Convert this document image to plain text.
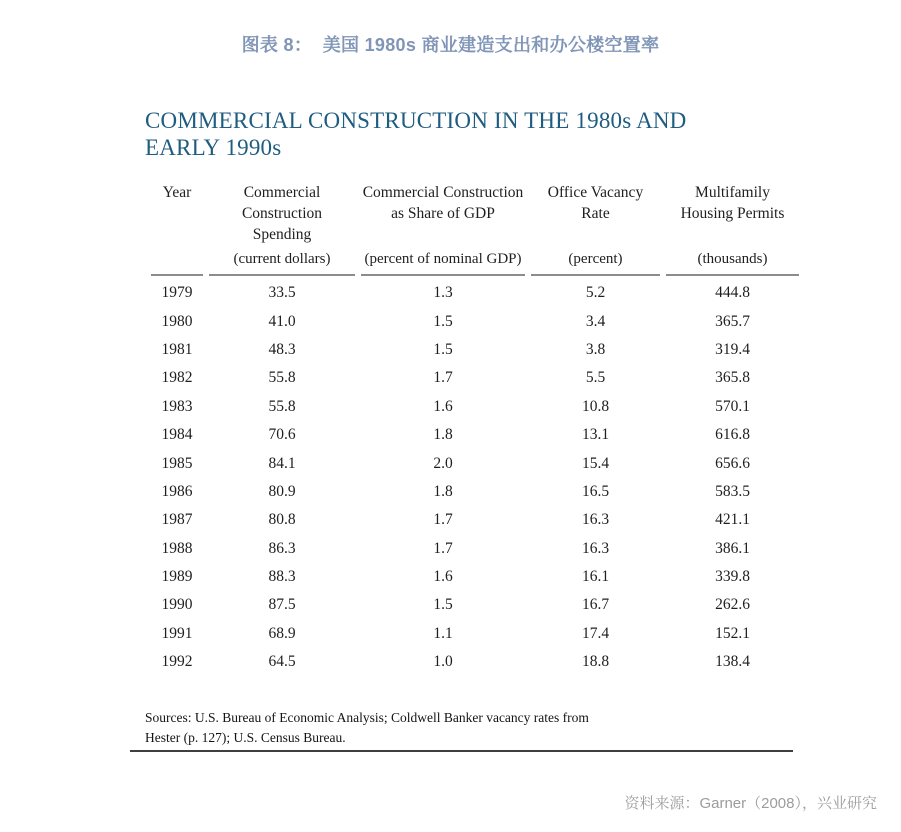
图表 8：  美国 1980s 商业建造支出和办公楼空置率
COMMERCIAL CONSTRUCTION IN THE 1980s AND
EARLY 1990s
Year	Commercial Construction Spending	Commercial Construction as Share of GDP	Office Vacancy Rate	Multifamily Housing Permits
	(current dollars)	(percent of nominal GDP)	(percent)	(thousands)
1979	33.5	1.3	5.2	444.8
1980	41.0	1.5	3.4	365.7
1981	48.3	1.5	3.8	319.4
1982	55.8	1.7	5.5	365.8
1983	55.8	1.6	10.8	570.1
1984	70.6	1.8	13.1	616.8
1985	84.1	2.0	15.4	656.6
1986	80.9	1.8	16.5	583.5
1987	80.8	1.7	16.3	421.1
1988	86.3	1.7	16.3	386.1
1989	88.3	1.6	16.1	339.8
1990	87.5	1.5	16.7	262.6
1991	68.9	1.1	17.4	152.1
1992	64.5	1.0	18.8	138.4
Sources: U.S. Bureau of Economic Analysis; Coldwell Banker vacancy rates from
Hester (p. 127); U.S. Census Bureau.
资料来源：Garner（2008），兴业研究
